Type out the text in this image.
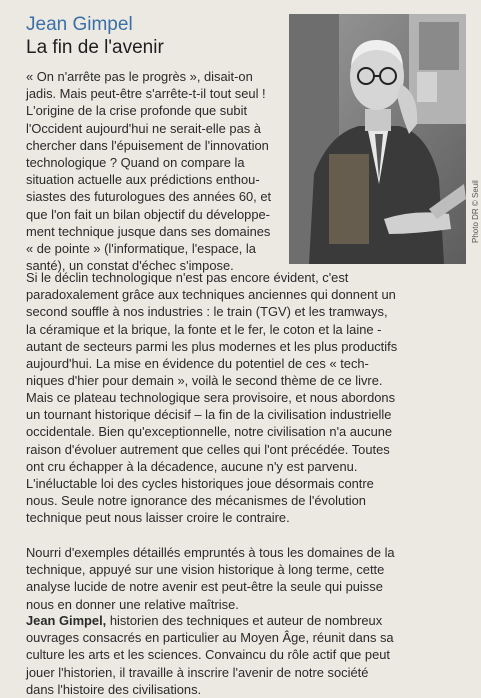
Jean Gimpel
La fin de l'avenir
Photo DR © Seuil

« On n'arrête pas le progrès », disait-on
jadis. Mais peut-être s'arrête-t-il tout seul !
L'origine de la crise profonde que subit
l'Occident aujourd'hui ne serait-elle pas à
chercher dans l'épuisement de l'innovation
technologique ? Quand on compare la
situation actuelle aux prédictions enthou-
siastes des futurologues des années 60, et
que l'on fait un bilan objectif du développe-
ment technique jusque dans ses domaines
« de pointe » (l'informatique, l'espace, la
santé), un constat d'échec s'impose.

Si le déclin technologique n'est pas encore évident, c'est
paradoxalement grâce aux techniques anciennes qui donnent un
second souffle à nos industries : le train (TGV) et les tramways,
la céramique et la brique, la fonte et le fer, le coton et la laine -
autant de secteurs parmi les plus modernes et les plus productifs
aujourd'hui. La mise en évidence du potentiel de ces « tech-
niques d'hier pour demain », voilà le second thème de ce livre.

Mais ce plateau technologique sera provisoire, et nous abordons
un tournant historique décisif – la fin de la civilisation industrielle
occidentale. Bien qu'exceptionnelle, notre civilisation n'a aucune
raison d'évoluer autrement que celles qui l'ont précédée. Toutes
ont cru échapper à la décadence, aucune n'y est parvenu.
L'inéluctable loi des cycles historiques joue désormais contre
nous. Seule notre ignorance des mécanismes de l'évolution
technique peut nous laisser croire le contraire.

Nourri d'exemples détaillés empruntés à tous les domaines de la
technique, appuyé sur une vision historique à long terme, cette
analyse lucide de notre avenir est peut-être la seule qui puisse
nous en donner une relative maîtrise.

Jean Gimpel, historien des techniques et auteur de nombreux
ouvrages consacrés en particulier au Moyen Âge, réunit dans sa
culture les arts et les sciences. Convaincu du rôle actif que peut
jouer l'historien, il travaille à inscrire l'avenir de notre société
dans l'histoire des civilisations.
